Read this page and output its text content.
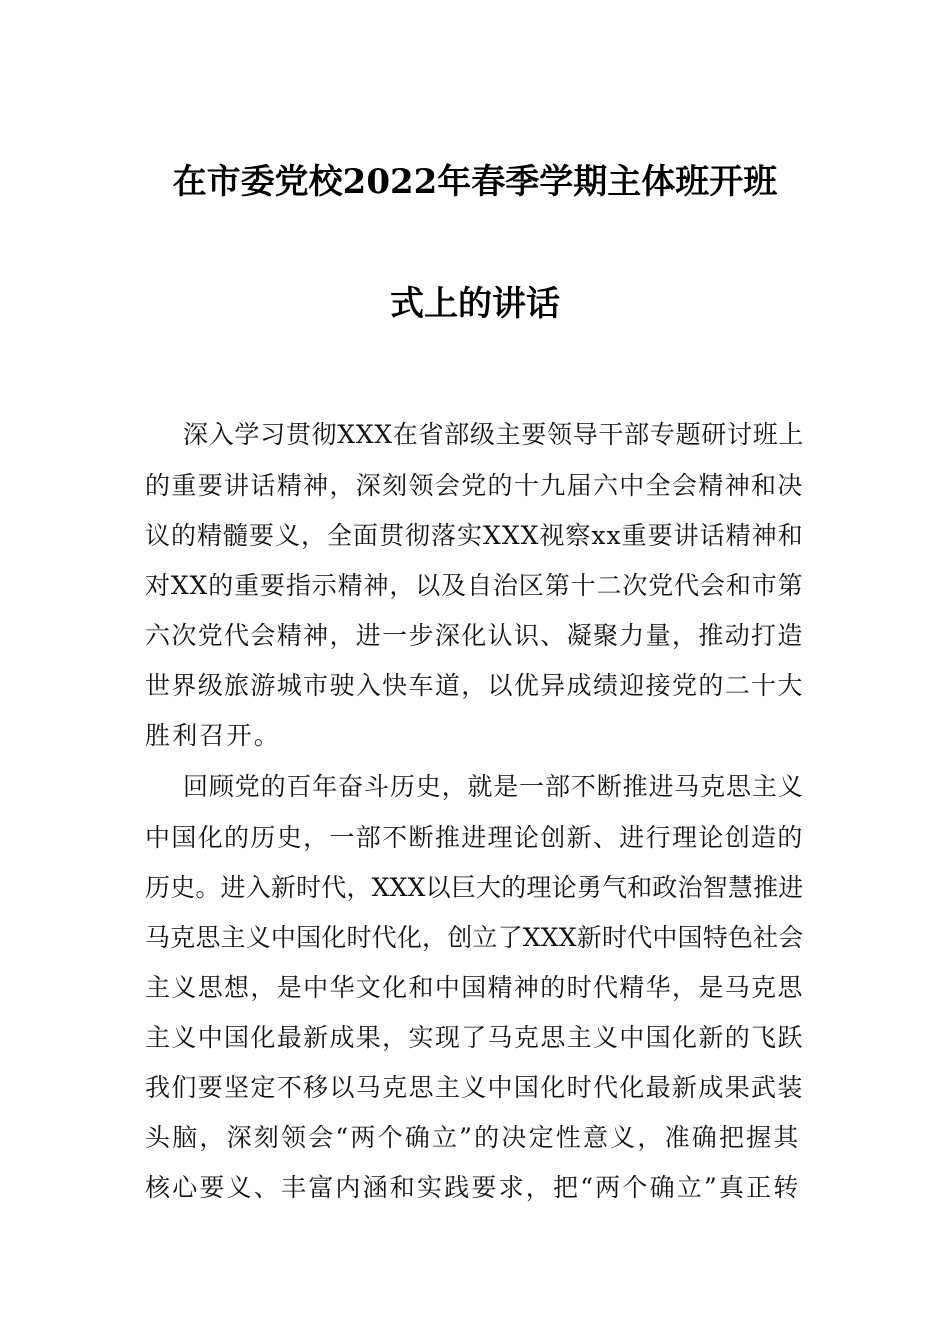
在市委党校2022年春季学期主体班开班
式上的讲话
深入学习贯彻XXX在省部级主要领导干部专题研讨班上
的重要讲话精神，深刻领会党的十九届六中全会精神和决
议的精髓要义，全面贯彻落实XXX视察xx重要讲话精神和
对XX的重要指示精神，以及自治区第十二次党代会和市第
六次党代会精神，进一步深化认识、凝聚力量，推动打造
世界级旅游城市驶入快车道，以优异成绩迎接党的二十大
胜利召开。
回顾党的百年奋斗历史，就是一部不断推进马克思主义
中国化的历史，一部不断推进理论创新、进行理论创造的
历史。进入新时代，XXX以巨大的理论勇气和政治智慧推进
马克思主义中国化时代化，创立了XXX新时代中国特色社会
主义思想，是中华文化和中国精神的时代精华，是马克思
主义中国化最新成果，实现了马克思主义中国化新的飞跃
我们要坚定不移以马克思主义中国化时代化最新成果武装
头脑，深刻领会“两个确立”的决定性意义，准确把握其
核心要义、丰富内涵和实践要求，把“两个确立”真正转
